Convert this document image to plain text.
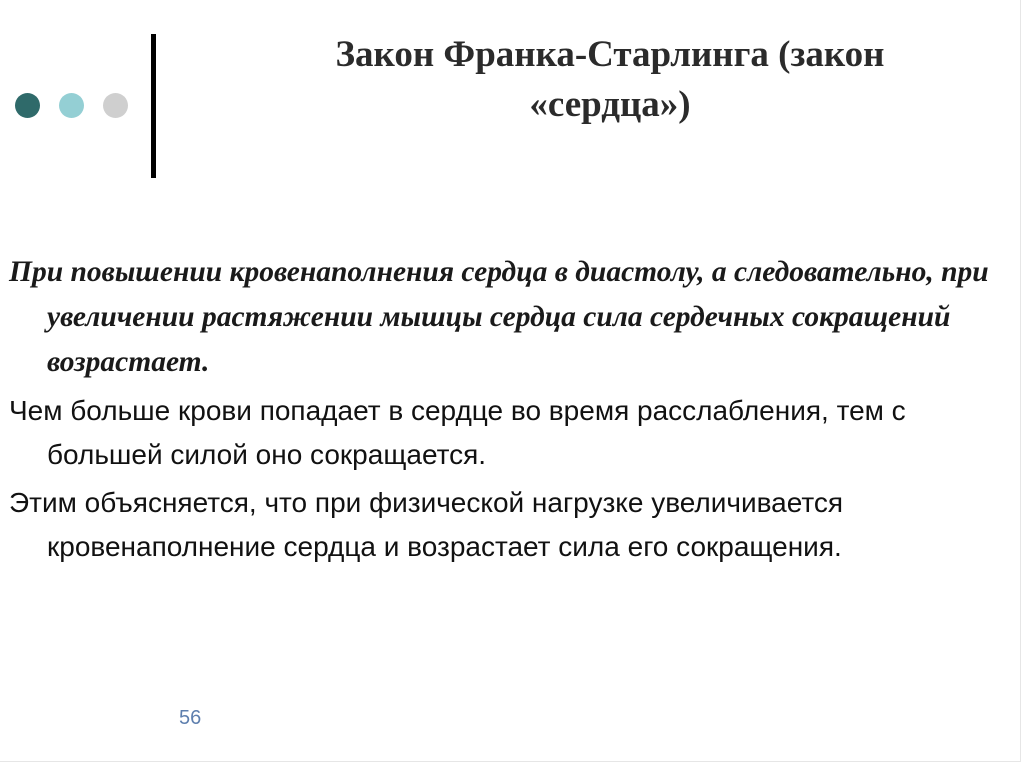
Закон Франка-Старлинга (закон
«сердца»)

При повышении кровенаполнения сердца в диастолу, а следовательно, при увеличении растяжении мышцы сердца сила сердечных сокращений возрастает.

Чем больше крови попадает в сердце во время расслабления, тем с большей силой оно сокращается.

Этим объясняется, что при физической нагрузке увеличивается кровенаполнение сердца и возрастает сила его сокращения.

56
